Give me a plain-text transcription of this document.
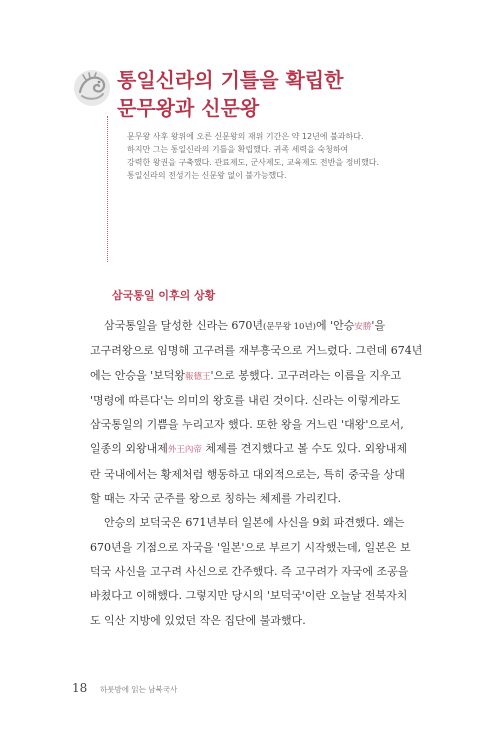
통일신라의 기틀을 확립한
문무왕과 신문왕
문무왕 사후 왕위에 오른 신문왕의 재위 기간은 약 12년에 불과하다.
하지만 그는 통일신라의 기틀을 확립했다. 귀족 세력을 숙청하여
강력한 왕권을 구축했다. 관료제도, 군사제도, 교육제도 전반을 정비했다.
통일신라의 전성기는 신문왕 없이 불가능했다.
삼국통일 이후의 상황
삼국통일을 달성한 신라는 670년(문무왕 10년)에 '안승安勝'을
고구려왕으로 임명해 고구려를 재부흥국으로 거느렸다. 그런데 674년
에는 안승을 '보덕왕報德王'으로 봉했다. 고구려라는 이름을 지우고
'명령에 따른다'는 의미의 왕호를 내린 것이다. 신라는 이렇게라도
삼국통일의 기쁨을 누리고자 했다. 또한 왕을 거느린 '대왕'으로서,
일종의 외왕내제外王內帝 체제를 견지했다고 볼 수도 있다. 외왕내제
란 국내에서는 황제처럼 행동하고 대외적으로는, 특히 중국을 상대
할 때는 자국 군주를 왕으로 칭하는 체제를 가리킨다.
안승의 보덕국은 671년부터 일본에 사신을 9회 파견했다. 왜는
670년을 기점으로 자국을 '일본'으로 부르기 시작했는데, 일본은 보
덕국 사신을 고구려 사신으로 간주했다. 즉 고구려가 자국에 조공을
바쳤다고 이해했다. 그렇지만 당시의 '보덕국'이란 오늘날 전북자치
도 익산 지방에 있었던 작은 집단에 불과했다.
18 하룻밤에 읽는 남북국사
